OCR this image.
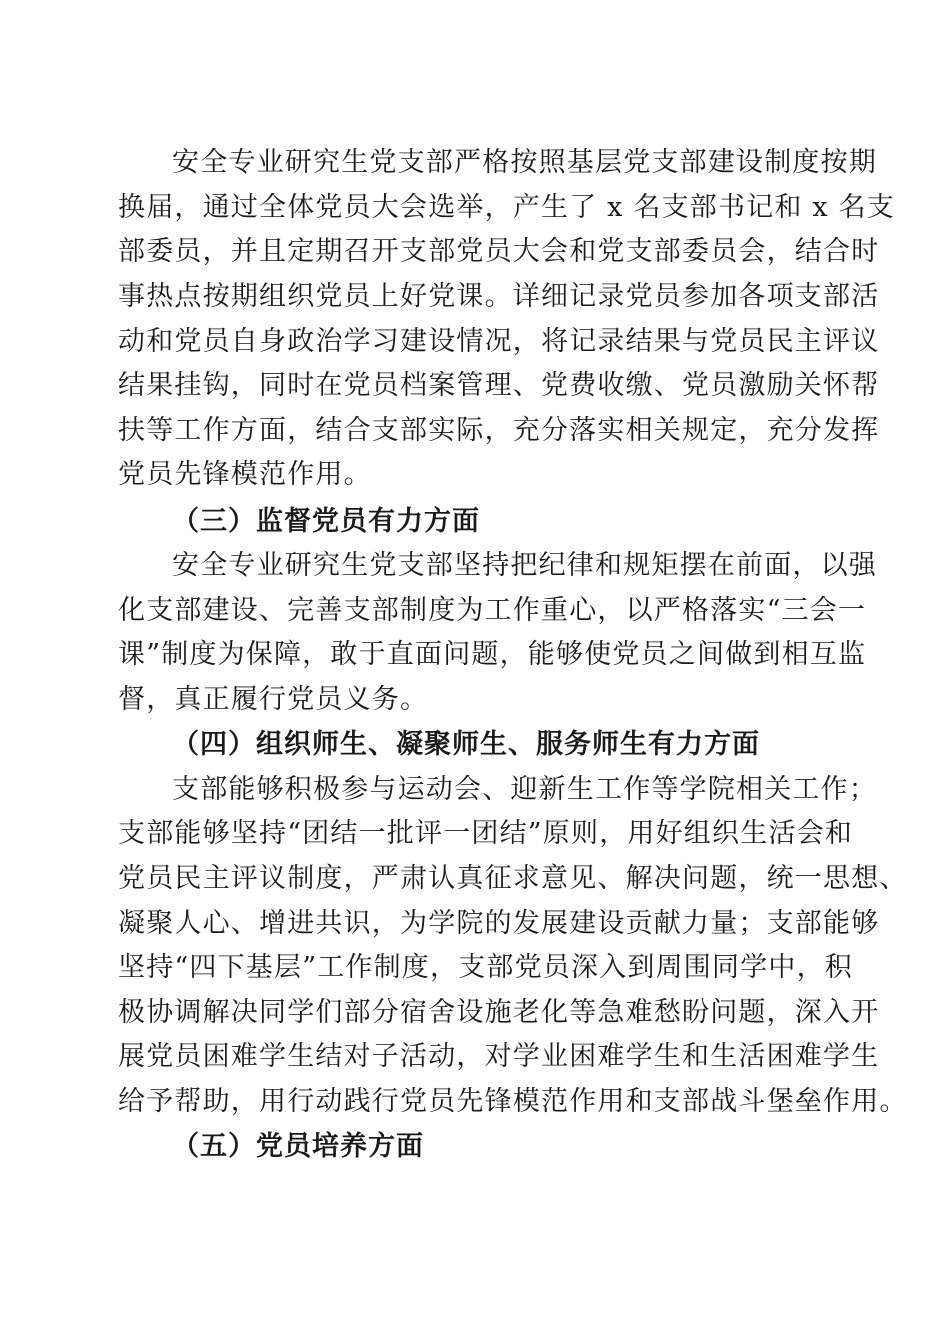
安全专业研究生党支部严格按照基层党支部建设制度按期
换届，通过全体党员大会选举，产生了 x 名支部书记和 x 名支
部委员，并且定期召开支部党员大会和党支部委员会，结合时
事热点按期组织党员上好党课。详细记录党员参加各项支部活
动和党员自身政治学习建设情况，将记录结果与党员民主评议
结果挂钩，同时在党员档案管理、党费收缴、党员激励关怀帮
扶等工作方面，结合支部实际，充分落实相关规定，充分发挥
党员先锋模范作用。
（三）监督党员有力方面
安全专业研究生党支部坚持把纪律和规矩摆在前面，以强
化支部建设、完善支部制度为工作重心，以严格落实“三会一
课”制度为保障，敢于直面问题，能够使党员之间做到相互监
督，真正履行党员义务。
（四）组织师生、凝聚师生、服务师生有力方面
支部能够积极参与运动会、迎新生工作等学院相关工作；
支部能够坚持“团结一批评一团结”原则，用好组织生活会和
党员民主评议制度，严肃认真征求意见、解决问题，统一思想、
凝聚人心、增进共识，为学院的发展建设贡献力量；支部能够
坚持“四下基层”工作制度，支部党员深入到周围同学中，积
极协调解决同学们部分宿舍设施老化等急难愁盼问题，深入开
展党员困难学生结对子活动，对学业困难学生和生活困难学生
给予帮助，用行动践行党员先锋模范作用和支部战斗堡垒作用。
（五）党员培养方面
